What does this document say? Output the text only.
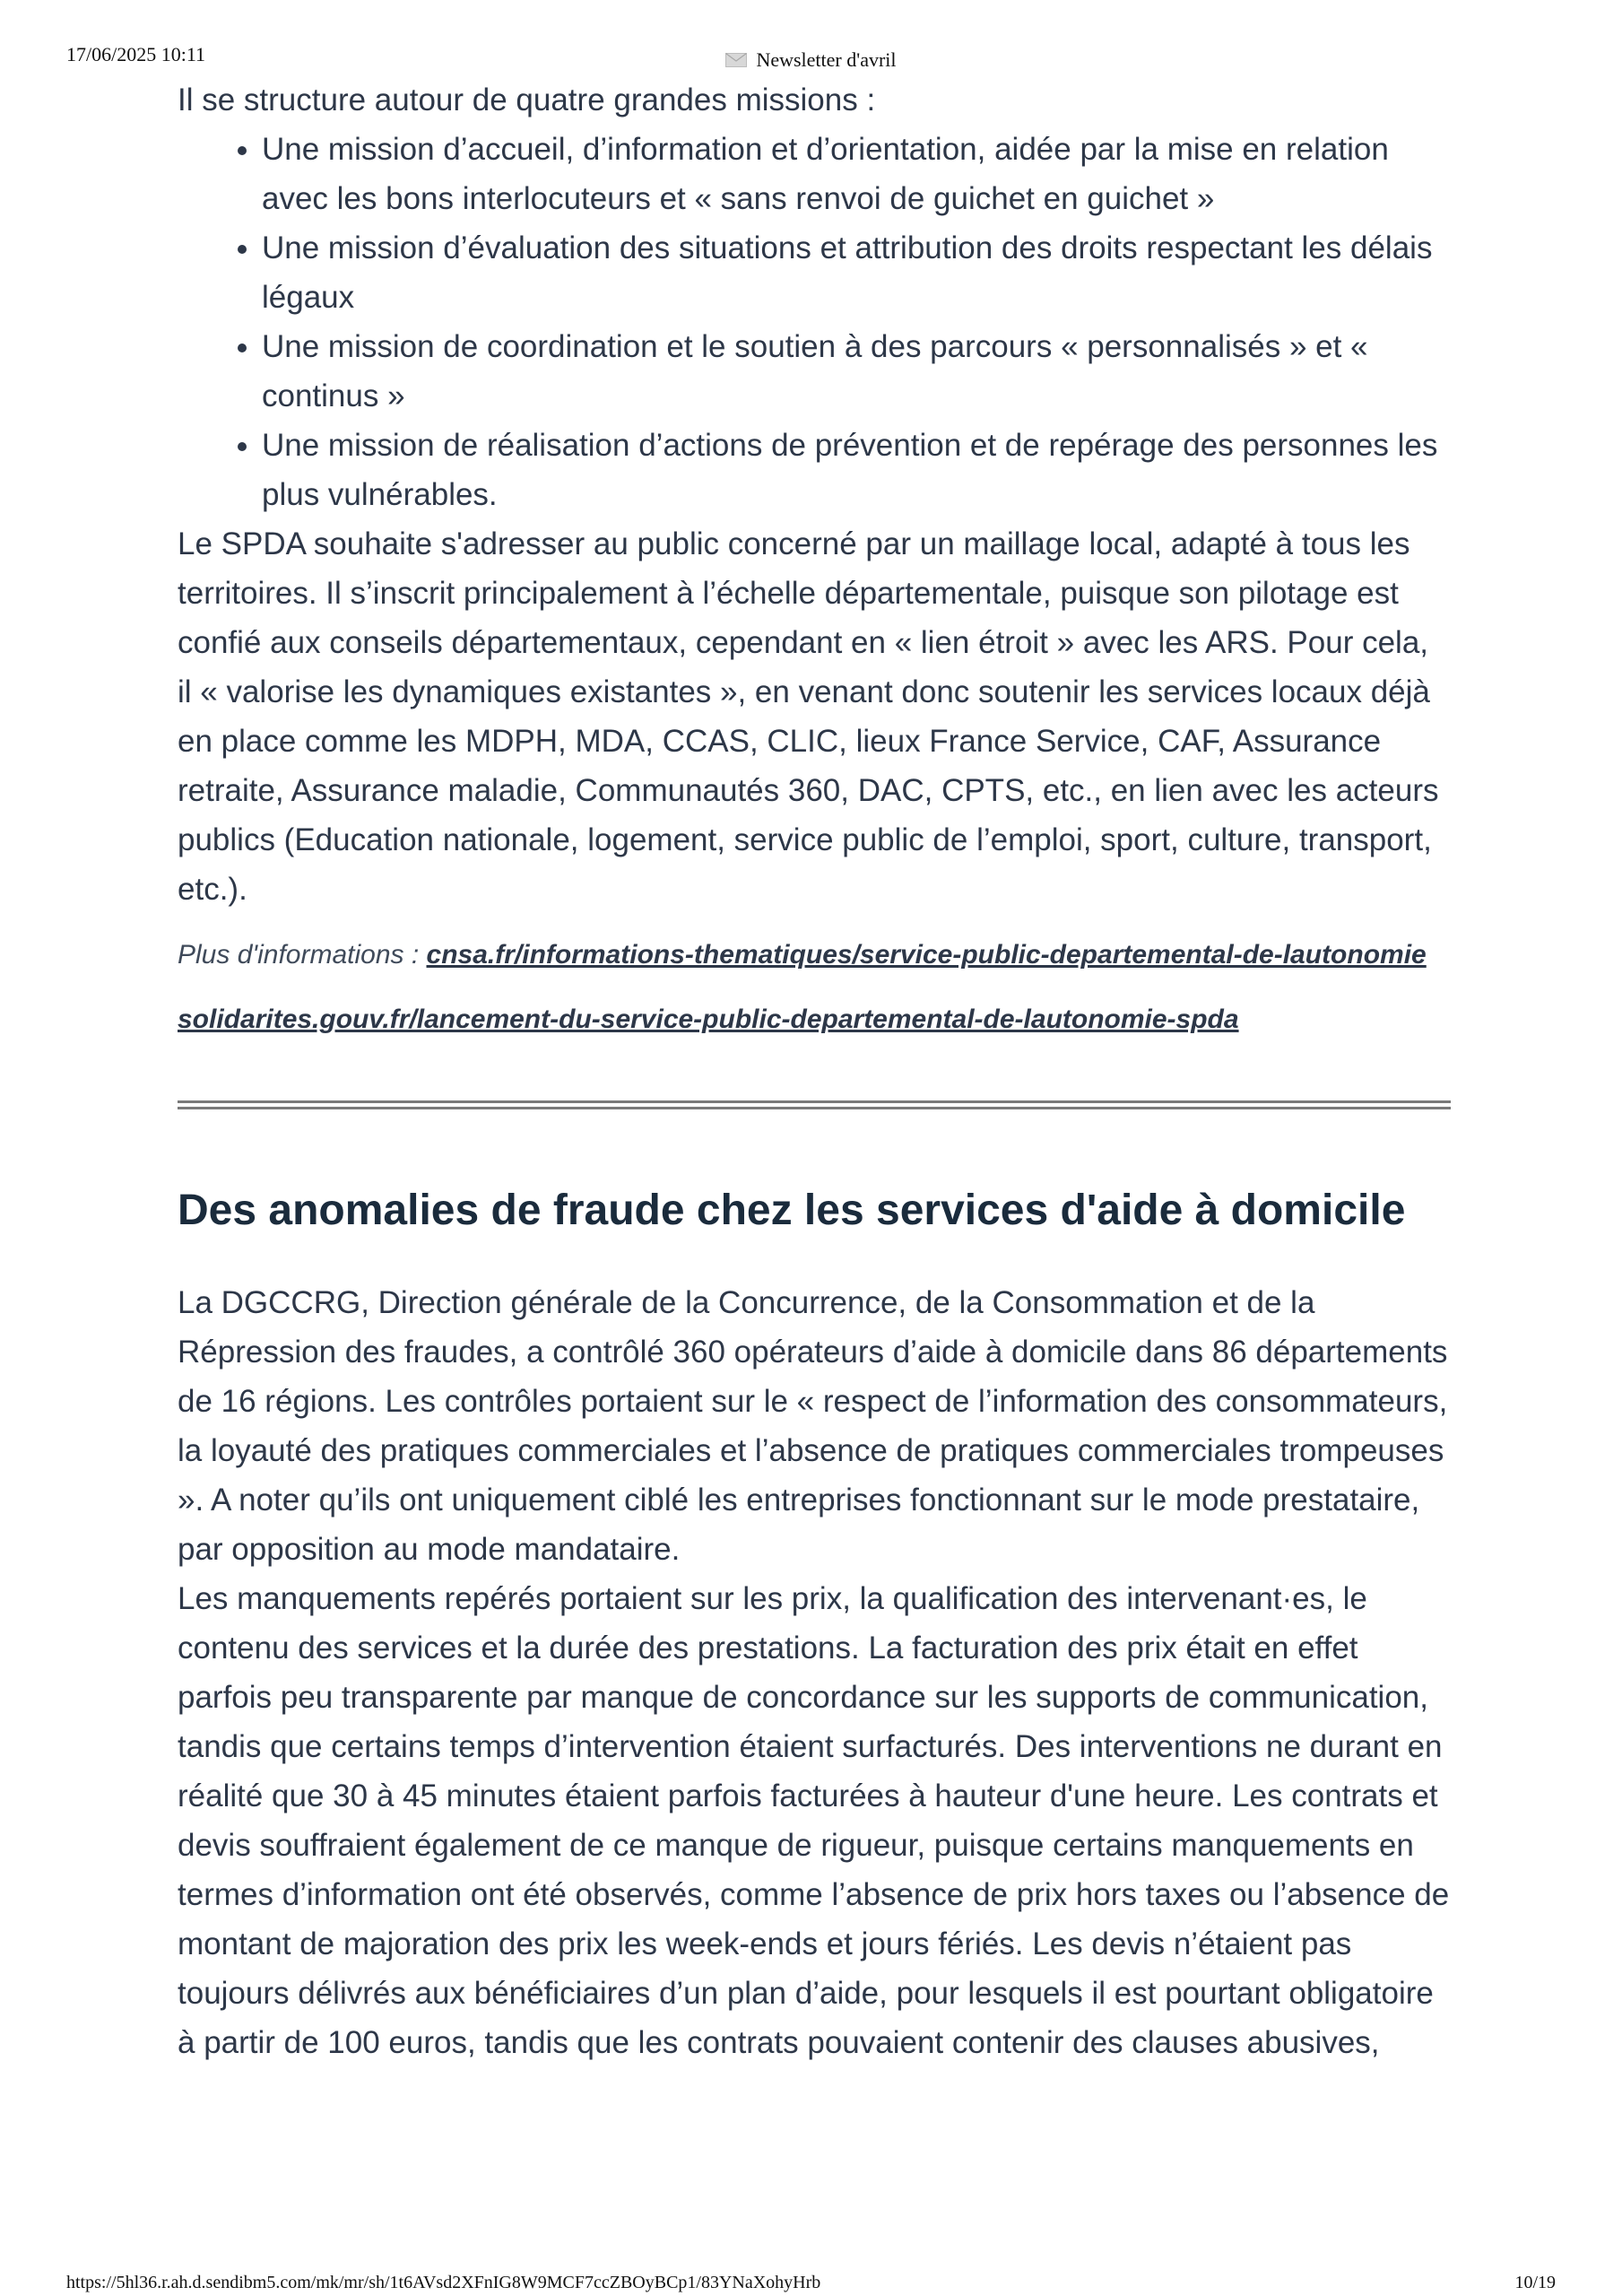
17/06/2025 10:11	Newsletter d'avril

Il se structure autour de quatre grandes missions :

• Une mission d’accueil, d’information et d’orientation, aidée par la mise en relation avec les bons interlocuteurs et « sans renvoi de guichet en guichet »
• Une mission d’évaluation des situations et attribution des droits respectant les délais légaux
• Une mission de coordination et le soutien à des parcours « personnalisés » et « continus »
• Une mission de réalisation d’actions de prévention et de repérage des personnes les plus vulnérables.

Le SPDA souhaite s'adresser au public concerné par un maillage local, adapté à tous les territoires. Il s’inscrit principalement à l’échelle départementale, puisque son pilotage est confié aux conseils départementaux, cependant en « lien étroit » avec les ARS. Pour cela, il « valorise les dynamiques existantes », en venant donc soutenir les services locaux déjà en place comme les MDPH, MDA, CCAS, CLIC, lieux France Service, CAF, Assurance retraite, Assurance maladie, Communautés 360, DAC, CPTS, etc., en lien avec les acteurs publics (Education nationale, logement, service public de l’emploi, sport, culture, transport, etc.).

Plus d'informations : cnsa.fr/informations-thematiques/service-public-departemental-de-lautonomie
solidarites.gouv.fr/lancement-du-service-public-departemental-de-lautonomie-spda
Des anomalies de fraude chez les services d'aide à domicile

La DGCCRG, Direction générale de la Concurrence, de la Consommation et de la Répression des fraudes, a contrôlé 360 opérateurs d’aide à domicile dans 86 départements de 16 régions. Les contrôles portaient sur le « respect de l’information des consommateurs, la loyauté des pratiques commerciales et l’absence de pratiques commerciales trompeuses ». A noter qu’ils ont uniquement ciblé les entreprises fonctionnant sur le mode prestataire, par opposition au mode mandataire.

Les manquements repérés portaient sur les prix, la qualification des intervenant·es, le contenu des services et la durée des prestations. La facturation des prix était en effet parfois peu transparente par manque de concordance sur les supports de communication, tandis que certains temps d’intervention étaient surfacturés. Des interventions ne durant en réalité que 30 à 45 minutes étaient parfois facturées à hauteur d'une heure. Les contrats et devis souffraient également de ce manque de rigueur, puisque certains manquements en termes d’information ont été observés, comme l’absence de prix hors taxes ou l’absence de montant de majoration des prix les week-ends et jours fériés. Les devis n’étaient pas toujours délivrés aux bénéficiaires d’un plan d’aide, pour lesquels il est pourtant obligatoire à partir de 100 euros, tandis que les contrats pouvaient contenir des clauses abusives,

https://5hl36.r.ah.d.sendibm5.com/mk/mr/sh/1t6AVsd2XFnIG8W9MCF7ccZBOyBCp1/83YNaXohyHrb	10/19
